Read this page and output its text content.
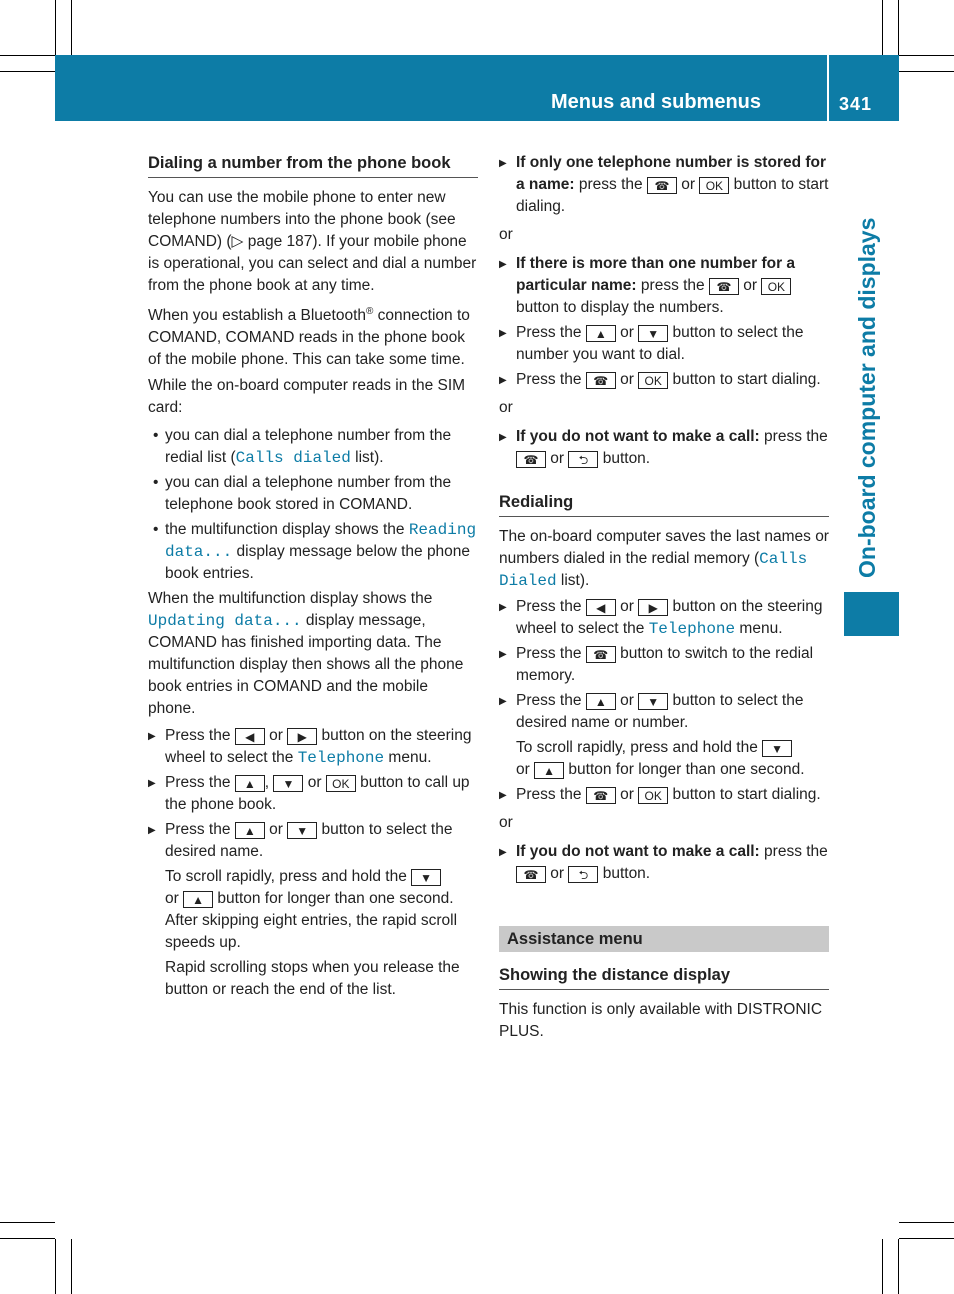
Menus and submenus	341
On-board computer and displays
Dialing a number from the phone book

You can use the mobile phone to enter new telephone numbers into the phone book (see COMAND) (▷ page 187). If your mobile phone is operational, you can select and dial a number from the phone book at any time.

When you establish a Bluetooth® connection to COMAND, COMAND reads in the phone book of the mobile phone. This can take some time.

While the on-board computer reads in the SIM card:

• you can dial a telephone number from the redial list (Calls dialed list).
• you can dial a telephone number from the telephone book stored in COMAND.
• the multifunction display shows the Reading data... display message below the phone book entries.

When the multifunction display shows the Updating data... display message, COMAND has finished importing data. The multifunction display then shows all the phone book entries in COMAND and the mobile phone.

▶ Press the ◀ or ▶ button on the steering wheel to select the Telephone menu.
▶ Press the ▲ , ▼ or OK button to call up the phone book.
▶ Press the ▲ or ▼ button to select the desired name.

To scroll rapidly, press and hold the ▼
or ▲ button for longer than one second. After skipping eight entries, the rapid scroll speeds up.

Rapid scrolling stops when you release the button or reach the end of the list.

▶ If only one telephone number is stored for a name: press the ☎ or OK button to start dialing.

or

▶ If there is more than one number for a particular name: press the ☎ or OK button to display the numbers.
▶ Press the ▲ or ▼ button to select the number you want to dial.
▶ Press the ☎ or OK button to start dialing.

or

▶ If you do not want to make a call: press the ☎ or ⮌ button.
Redialing

The on-board computer saves the last names or numbers dialed in the redial memory (Calls Dialed list).

▶ Press the ◀ or ▶ button on the steering wheel to select the Telephone menu.
▶ Press the ☎ button to switch to the redial memory.
▶ Press the ▲ or ▼ button to select the desired name or number.

To scroll rapidly, press and hold the ▼
or ▲ button for longer than one second.

▶ Press the ☎ or OK button to start dialing.

or

▶ If you do not want to make a call: press the ☎ or ⮌ button.
Assistance menu
Showing the distance display

This function is only available with DISTRONIC PLUS.
